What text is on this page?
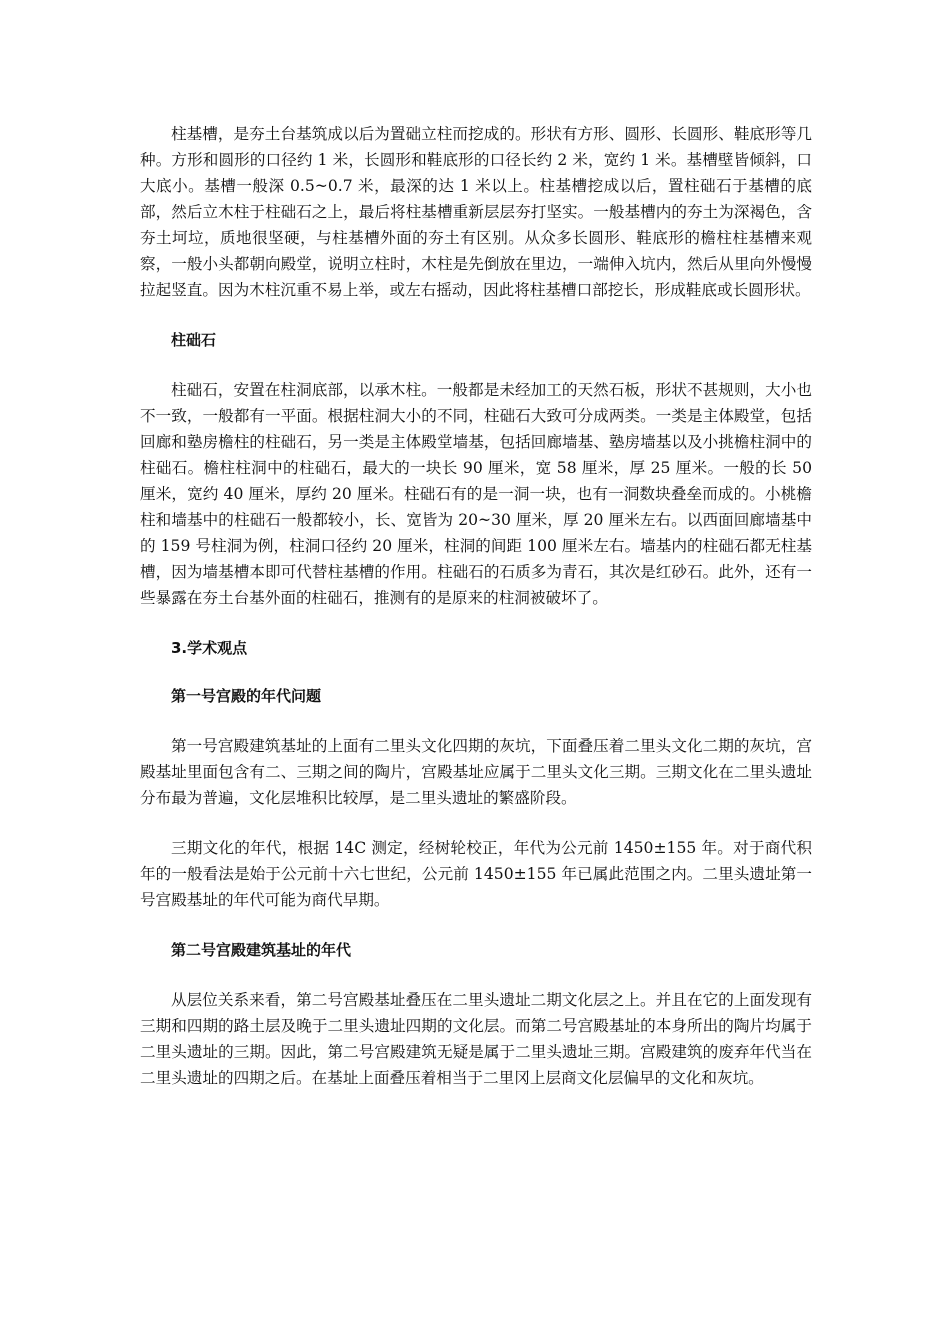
柱基槽，是夯土台基筑成以后为置础立柱而挖成的。形状有方形、圆形、长圆形、鞋底形等几种。方形和圆形的口径约 1 米，长圆形和鞋底形的口径长约 2 米，宽约 1 米。基槽壁皆倾斜，口大底小。基槽一般深 0.5~0.7 米，最深的达 1 米以上。柱基槽挖成以后，置柱础石于基槽的底部，然后立木柱于柱础石之上，最后将柱基槽重新层层夯打坚实。一般基槽内的夯土为深褐色，含夯土坷垃，质地很坚硬，与柱基槽外面的夯土有区别。从众多长圆形、鞋底形的檐柱柱基槽来观察，一般小头都朝向殿堂，说明立柱时，木柱是先倒放在里边，一端伸入坑内，然后从里向外慢慢拉起竖直。因为木柱沉重不易上举，或左右摇动，因此将柱基槽口部挖长，形成鞋底或长圆形状。

柱础石

柱础石，安置在柱洞底部，以承木柱。一般都是未经加工的天然石板，形状不甚规则，大小也不一致，一般都有一平面。根据柱洞大小的不同，柱础石大致可分成两类。一类是主体殿堂，包括回廊和塾房檐柱的柱础石，另一类是主体殿堂墙基，包括回廊墙基、塾房墙基以及小挑檐柱洞中的柱础石。檐柱柱洞中的柱础石，最大的一块长 90 厘米，宽 58 厘米，厚 25 厘米。一般的长 50 厘米，宽约 40 厘米，厚约 20 厘米。柱础石有的是一洞一块，也有一洞数块叠垒而成的。小桃檐柱和墙基中的柱础石一般都较小，长、宽皆为 20~30 厘米，厚 20 厘米左右。以西面回廊墙基中的 159 号柱洞为例，柱洞口径约 20 厘米，柱洞的间距 100 厘米左右。墙基内的柱础石都无柱基槽，因为墙基槽本即可代替柱基槽的作用。柱础石的石质多为青石，其次是红砂石。此外，还有一些暴露在夯土台基外面的柱础石，推测有的是原来的柱洞被破坏了。

3.学术观点

第一号宫殿的年代问题

第一号宫殿建筑基址的上面有二里头文化四期的灰坑，下面叠压着二里头文化二期的灰坑，宫殿基址里面包含有二、三期之间的陶片，宫殿基址应属于二里头文化三期。三期文化在二里头遗址分布最为普遍，文化层堆积比较厚，是二里头遗址的繁盛阶段。

三期文化的年代，根据 14C 测定，经树轮校正，年代为公元前 1450±155 年。对于商代积年的一般看法是始于公元前十六七世纪，公元前 1450±155 年已属此范围之内。二里头遗址第一号宫殿基址的年代可能为商代早期。

第二号宫殿建筑基址的年代

从层位关系来看，第二号宫殿基址叠压在二里头遗址二期文化层之上。并且在它的上面发现有三期和四期的路土层及晚于二里头遗址四期的文化层。而第二号宫殿基址的本身所出的陶片均属于二里头遗址的三期。因此，第二号宫殿建筑无疑是属于二里头遗址三期。宫殿建筑的废弃年代当在二里头遗址的四期之后。在基址上面叠压着相当于二里冈上层商文化层偏早的文化和灰坑。
